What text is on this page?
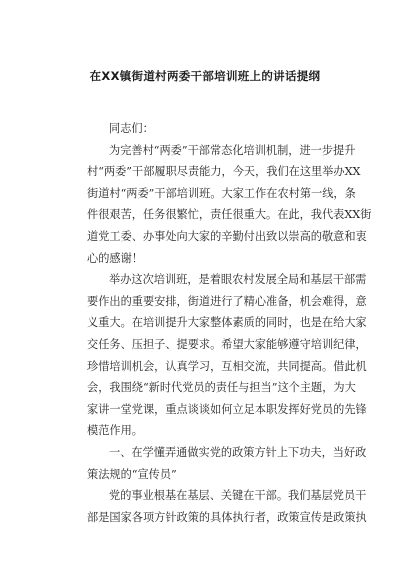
在XX镇街道村两委干部培训班上的讲话提纲
同志们：
为完善村“两委”干部常态化培训机制，进一步提升
村“两委”干部履职尽责能力，今天，我们在这里举办XX
街道村“两委”干部培训班。大家工作在农村第一线，条
件很艰苦，任务很繁忙，责任很重大。在此，我代表XX街
道党工委、办事处向大家的辛勤付出致以崇高的敬意和衷
心的感谢！
举办这次培训班，是着眼农村发展全局和基层干部需
要作出的重要安排，街道进行了精心准备，机会难得，意
义重大。在培训提升大家整体素质的同时，也是在给大家
交任务、压担子、提要求。希望大家能够遵守培训纪律，
珍惜培训机会，认真学习，互相交流，共同提高。借此机
会，我围绕“新时代党员的责任与担当”这个主题，为大
家讲一堂党课，重点谈谈如何立足本职发挥好党员的先锋
模范作用。
一、在学懂弄通做实党的政策方针上下功夫，当好政
策法规的“宣传员”
党的事业根基在基层、关键在干部。我们基层党员干
部是国家各项方针政策的具体执行者，政策宣传是政策执
